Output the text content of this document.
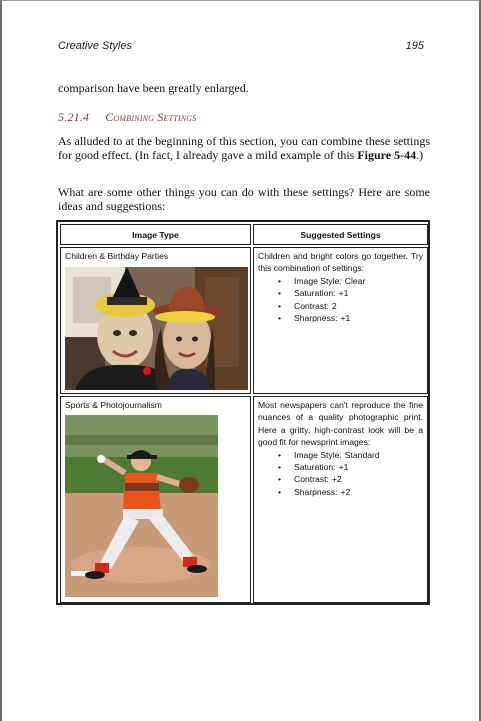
Creative Styles	195
comparison have been greatly enlarged.
5.21.4 Combining Settings
As alluded to at the beginning of this section, you can combine these settings for good effect. (In fact, I already gave a mild example of this Figure 5-44.)
What are some other things you can do with these settings? Here are some ideas and suggestions:
Image Type	Suggested Settings
Children & Birthday Parties	Children and bright colors go together. Try this combination of settings:
• Image Style: Clear
• Saturation: +1
• Contrast: 2
• Sharpness: +1
Sports & Photojournalism	Most newspapers can't reproduce the fine nuances of a quality photographic print. Here a gritty, high-contrast look will be a good fit for newsprint images:
• Image Style: Standard
• Saturation: +1
• Contrast: +2
• Sharpness: +2
